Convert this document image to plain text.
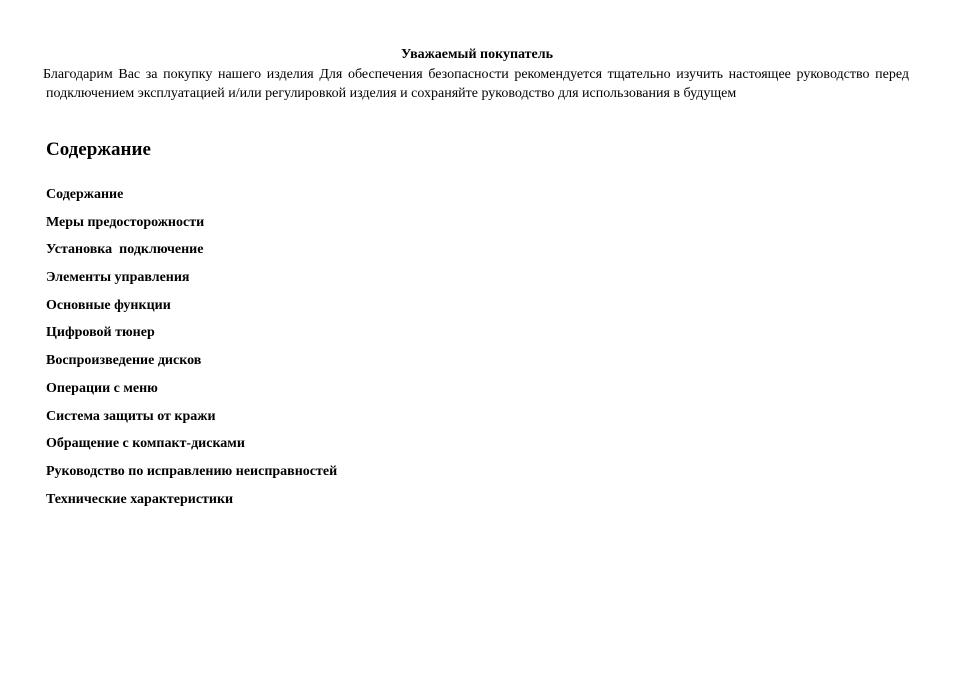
Уважаемый покупатель
Благодарим Вас за покупку нашего изделия Для обеспечения безопасности рекомендуется тщательно изучить настоящее руководство перед подключением эксплуатацией и/или регулировкой изделия и сохраняйте руководство для использования в будущем
Содержание
Содержание
Меры предосторожности
Установка  подключение
Элементы управления
Основные функции
Цифровой тюнер
Воспроизведение дисков
Операции с меню
Система защиты от кражи
Обращение с компакт-дисками
Руководство по исправлению неисправностей
Технические характеристики
